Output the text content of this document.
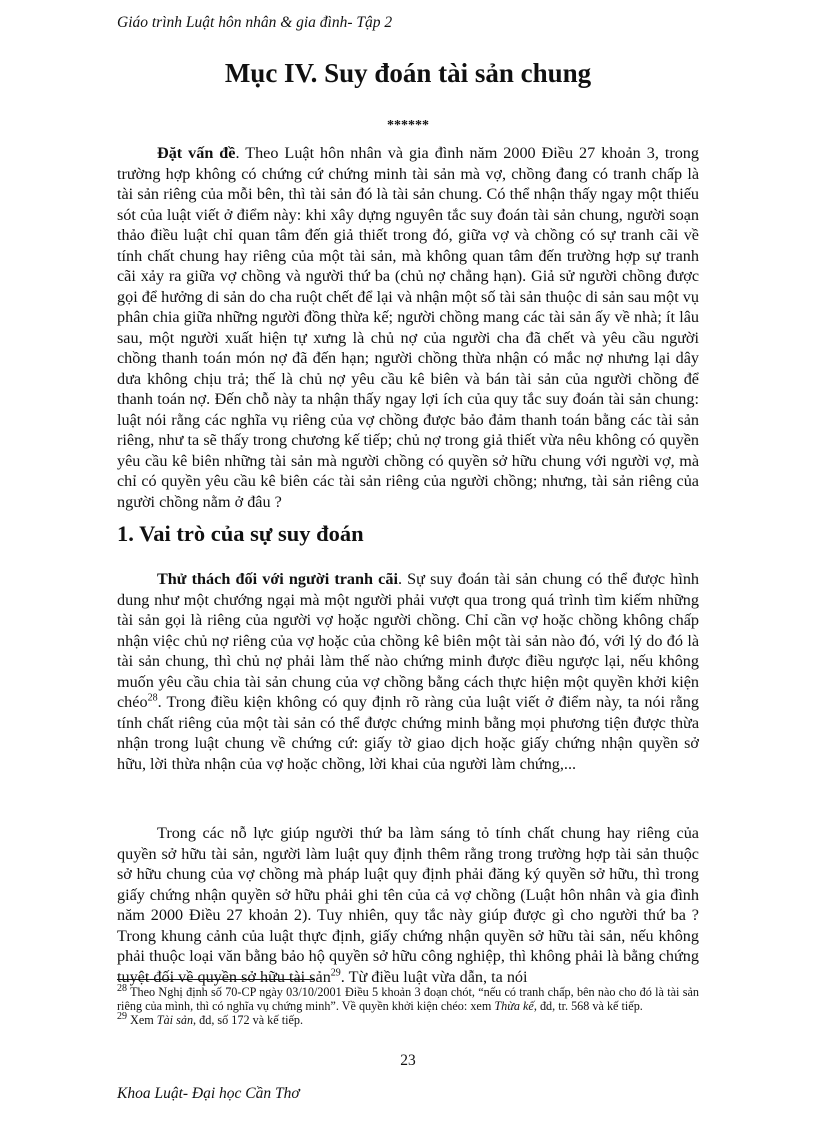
Giáo trình Luật hôn nhân & gia đình- Tập 2
Mục IV. Suy đoán tài sản chung
******

Đặt vấn đề. Theo Luật hôn nhân và gia đình năm 2000 Điều 27 khoản 3, trong trường hợp không có chứng cứ chứng minh tài sản mà vợ, chồng đang có tranh chấp là tài sản riêng của mỗi bên, thì tài sản đó là tài sản chung. Có thể nhận thấy ngay một thiếu sót của luật viết ở điểm này: khi xây dựng nguyên tắc suy đoán tài sản chung, người soạn thảo điều luật chỉ quan tâm đến giả thiết trong đó, giữa vợ và chồng có sự tranh cãi về tính chất chung hay riêng của một tài sản, mà không quan tâm đến trường hợp sự tranh cãi xảy ra giữa vợ chồng và người thứ ba (chủ nợ chẳng hạn). Giả sử người chồng được gọi để hưởng di sản do cha ruột chết để lại và nhận một số tài sản thuộc di sản sau một vụ phân chia giữa những người đồng thừa kế; người chồng mang các tài sản ấy về nhà; ít lâu sau, một người xuất hiện tự xưng là chủ nợ của người cha đã chết và yêu cầu người chồng thanh toán món nợ đã đến hạn; người chồng thừa nhận có mắc nợ nhưng lại dây dưa không chịu trả; thế là chủ nợ yêu cầu kê biên và bán tài sản của người chồng để thanh toán nợ. Đến chỗ này ta nhận thấy ngay lợi ích của quy tắc suy đoán tài sản chung: luật nói rằng các nghĩa vụ riêng của vợ chồng được bảo đảm thanh toán bằng các tài sản riêng, như ta sẽ thấy trong chương kế tiếp; chủ nợ trong giả thiết vừa nêu không có quyền yêu cầu kê biên những tài sản mà người chồng có quyền sở hữu chung với người vợ, mà chỉ có quyền yêu cầu kê biên các tài sản riêng của người chồng; nhưng, tài sản riêng của người chồng nằm ở đâu ?

1. Vai trò của sự suy đoán

Thử thách đối với người tranh cãi. Sự suy đoán tài sản chung có thể được hình dung như một chướng ngại mà một người phải vượt qua trong quá trình tìm kiếm những tài sản gọi là riêng của người vợ hoặc người chồng. Chỉ cần vợ hoặc chồng không chấp nhận việc chủ nợ riêng của vợ hoặc của chồng kê biên một tài sản nào đó, với lý do đó là tài sản chung, thì chủ nợ phải làm thế nào chứng minh được điều ngược lại, nếu không muốn yêu cầu chia tài sản chung của vợ chồng bằng cách thực hiện một quyền khởi kiện chéo$^{28}$. Trong điều kiện không có quy định rõ ràng của luật viết ở điểm này, ta nói rằng tính chất riêng của một tài sản có thể được chứng minh bằng mọi phương tiện được thừa nhận trong luật chung về chứng cứ: giấy tờ giao dịch hoặc giấy chứng nhận quyền sở hữu, lời thừa nhận của vợ hoặc chồng, lời khai của người làm chứng,...

Trong các nỗ lực giúp người thứ ba làm sáng tỏ tính chất chung hay riêng của quyền sở hữu tài sản, người làm luật quy định thêm rằng trong trường hợp tài sản thuộc sở hữu chung của vợ chồng mà pháp luật quy định phải đăng ký quyền sở hữu, thì trong giấy chứng nhận quyền sở hữu phải ghi tên của cả vợ chồng (Luật hôn nhân và gia đình năm 2000 Điều 27 khoản 2). Tuy nhiên, quy tắc này giúp được gì cho người thứ ba ? Trong khung cảnh của luật thực định, giấy chứng nhận quyền sở hữu tài sản, nếu không phải thuộc loại văn bằng bảo hộ quyền sở hữu công nghiệp, thì không phải là bằng chứng tuyệt đối về quyền sở hữu tài sản$^{29}$. Từ điều luật vừa dẫn, ta nói

$^{28}$ Theo Nghị định số 70-CP ngày 03/10/2001 Điều 5 khoản 3 đoạn chót, “nếu có tranh chấp, bên nào cho đó là tài sản riêng của mình, thì có nghĩa vụ chứng minh”. Về quyền khởi kiện chéo: xem Thừa kế, đd, tr. 568 và kế tiếp.

$^{29}$ Xem Tài sản, đd, số 172 và kế tiếp.

23
Khoa Luật- Đại học Cần Thơ
